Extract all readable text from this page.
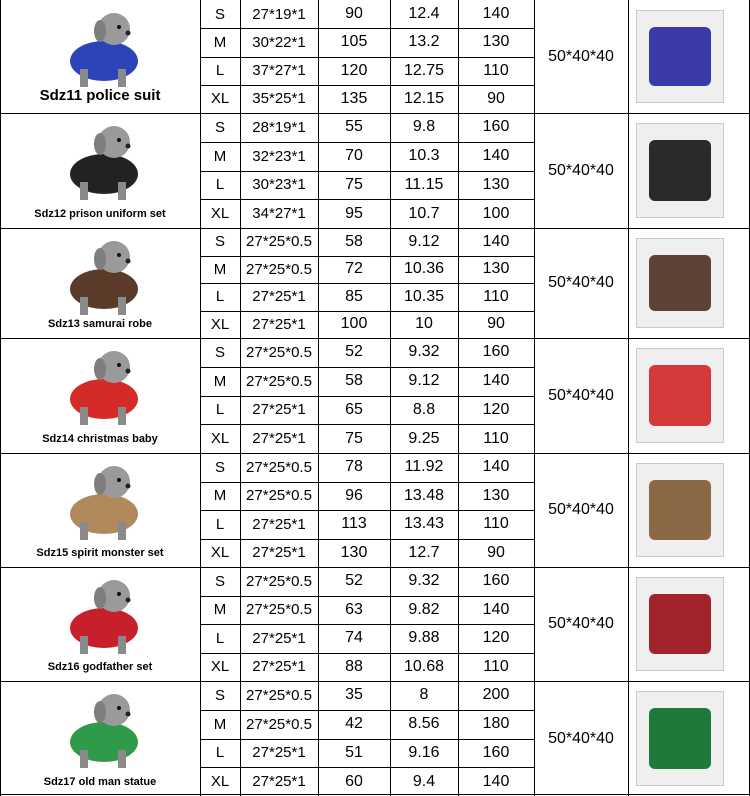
Sdz11 police suit
S	27*19*1	90	12.4	140
M	30*22*1	105	13.2	130
L	37*27*1	120	12.75	110
XL	35*25*1	135	12.15	90
50*40*40
Sdz12 prison uniform set
S	28*19*1	55	9.8	160
M	32*23*1	70	10.3	140
L	30*23*1	75	11.15	130
XL	34*27*1	95	10.7	100
50*40*40
Sdz13 samurai robe
S	27*25*0.5	58	9.12	140
M	27*25*0.5	72	10.36	130
L	27*25*1	85	10.35	110
XL	27*25*1	100	10	90
50*40*40
Sdz14 christmas baby
S	27*25*0.5	52	9.32	160
M	27*25*0.5	58	9.12	140
L	27*25*1	65	8.8	120
XL	27*25*1	75	9.25	110
50*40*40
Sdz15 spirit monster set
S	27*25*0.5	78	11.92	140
M	27*25*0.5	96	13.48	130
L	27*25*1	113	13.43	110
XL	27*25*1	130	12.7	90
50*40*40
Sdz16 godfather set
S	27*25*0.5	52	9.32	160
M	27*25*0.5	63	9.82	140
L	27*25*1	74	9.88	120
XL	27*25*1	88	10.68	110
50*40*40
Sdz17 old man statue
S	27*25*0.5	35	8	200
M	27*25*0.5	42	8.56	180
L	27*25*1	51	9.16	160
XL	27*25*1	60	9.4	140
50*40*40
